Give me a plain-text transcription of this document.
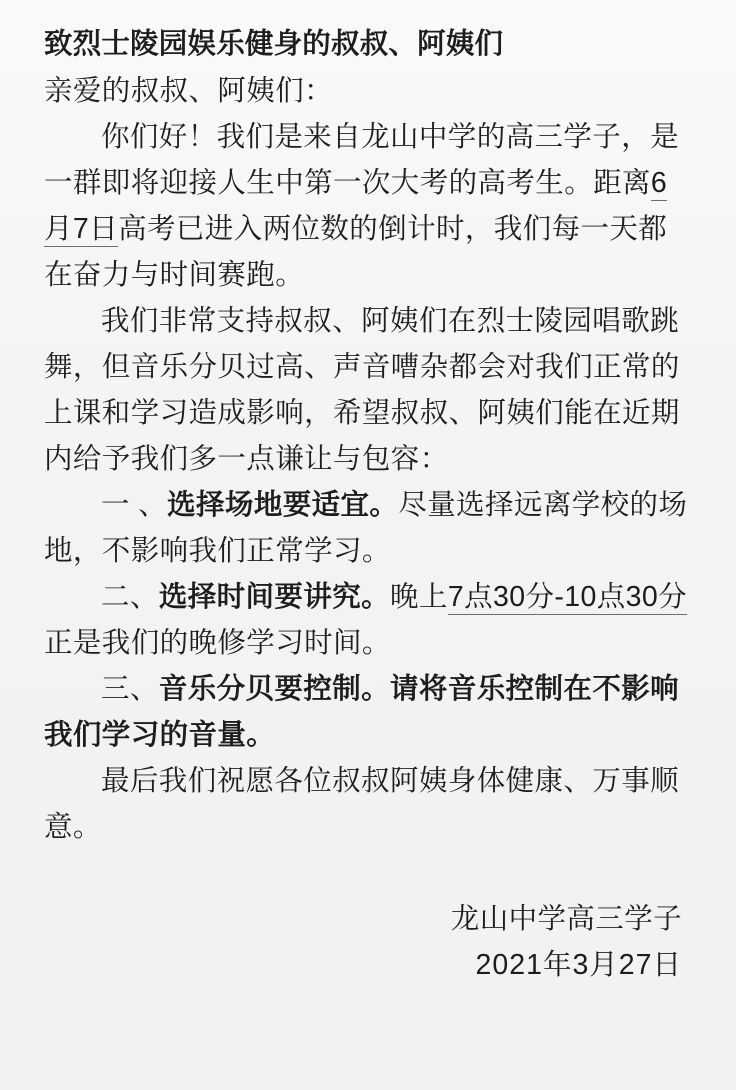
致烈士陵园娱乐健身的叔叔、阿姨们
亲爱的叔叔、阿姨们：

你们好！我们是来自龙山中学的高三学子，是一群即将迎接人生中第一次大考的高考生。距离6月7日高考已进入两位数的倒计时，我们每一天都在奋力与时间赛跑。

我们非常支持叔叔、阿姨们在烈士陵园唱歌跳舞，但音乐分贝过高、声音嘈杂都会对我们正常的上课和学习造成影响，希望叔叔、阿姨们能在近期内给予我们多一点谦让与包容：

一 、选择场地要适宜。尽量选择远离学校的场地，不影响我们正常学习。

二、选择时间要讲究。晚上7点30分-10点30分正是我们的晚修学习时间。

三、音乐分贝要控制。请将音乐控制在不影响我们学习的音量。

最后我们祝愿各位叔叔阿姨身体健康、万事顺意。

龙山中学高三学子
2021年3月27日
